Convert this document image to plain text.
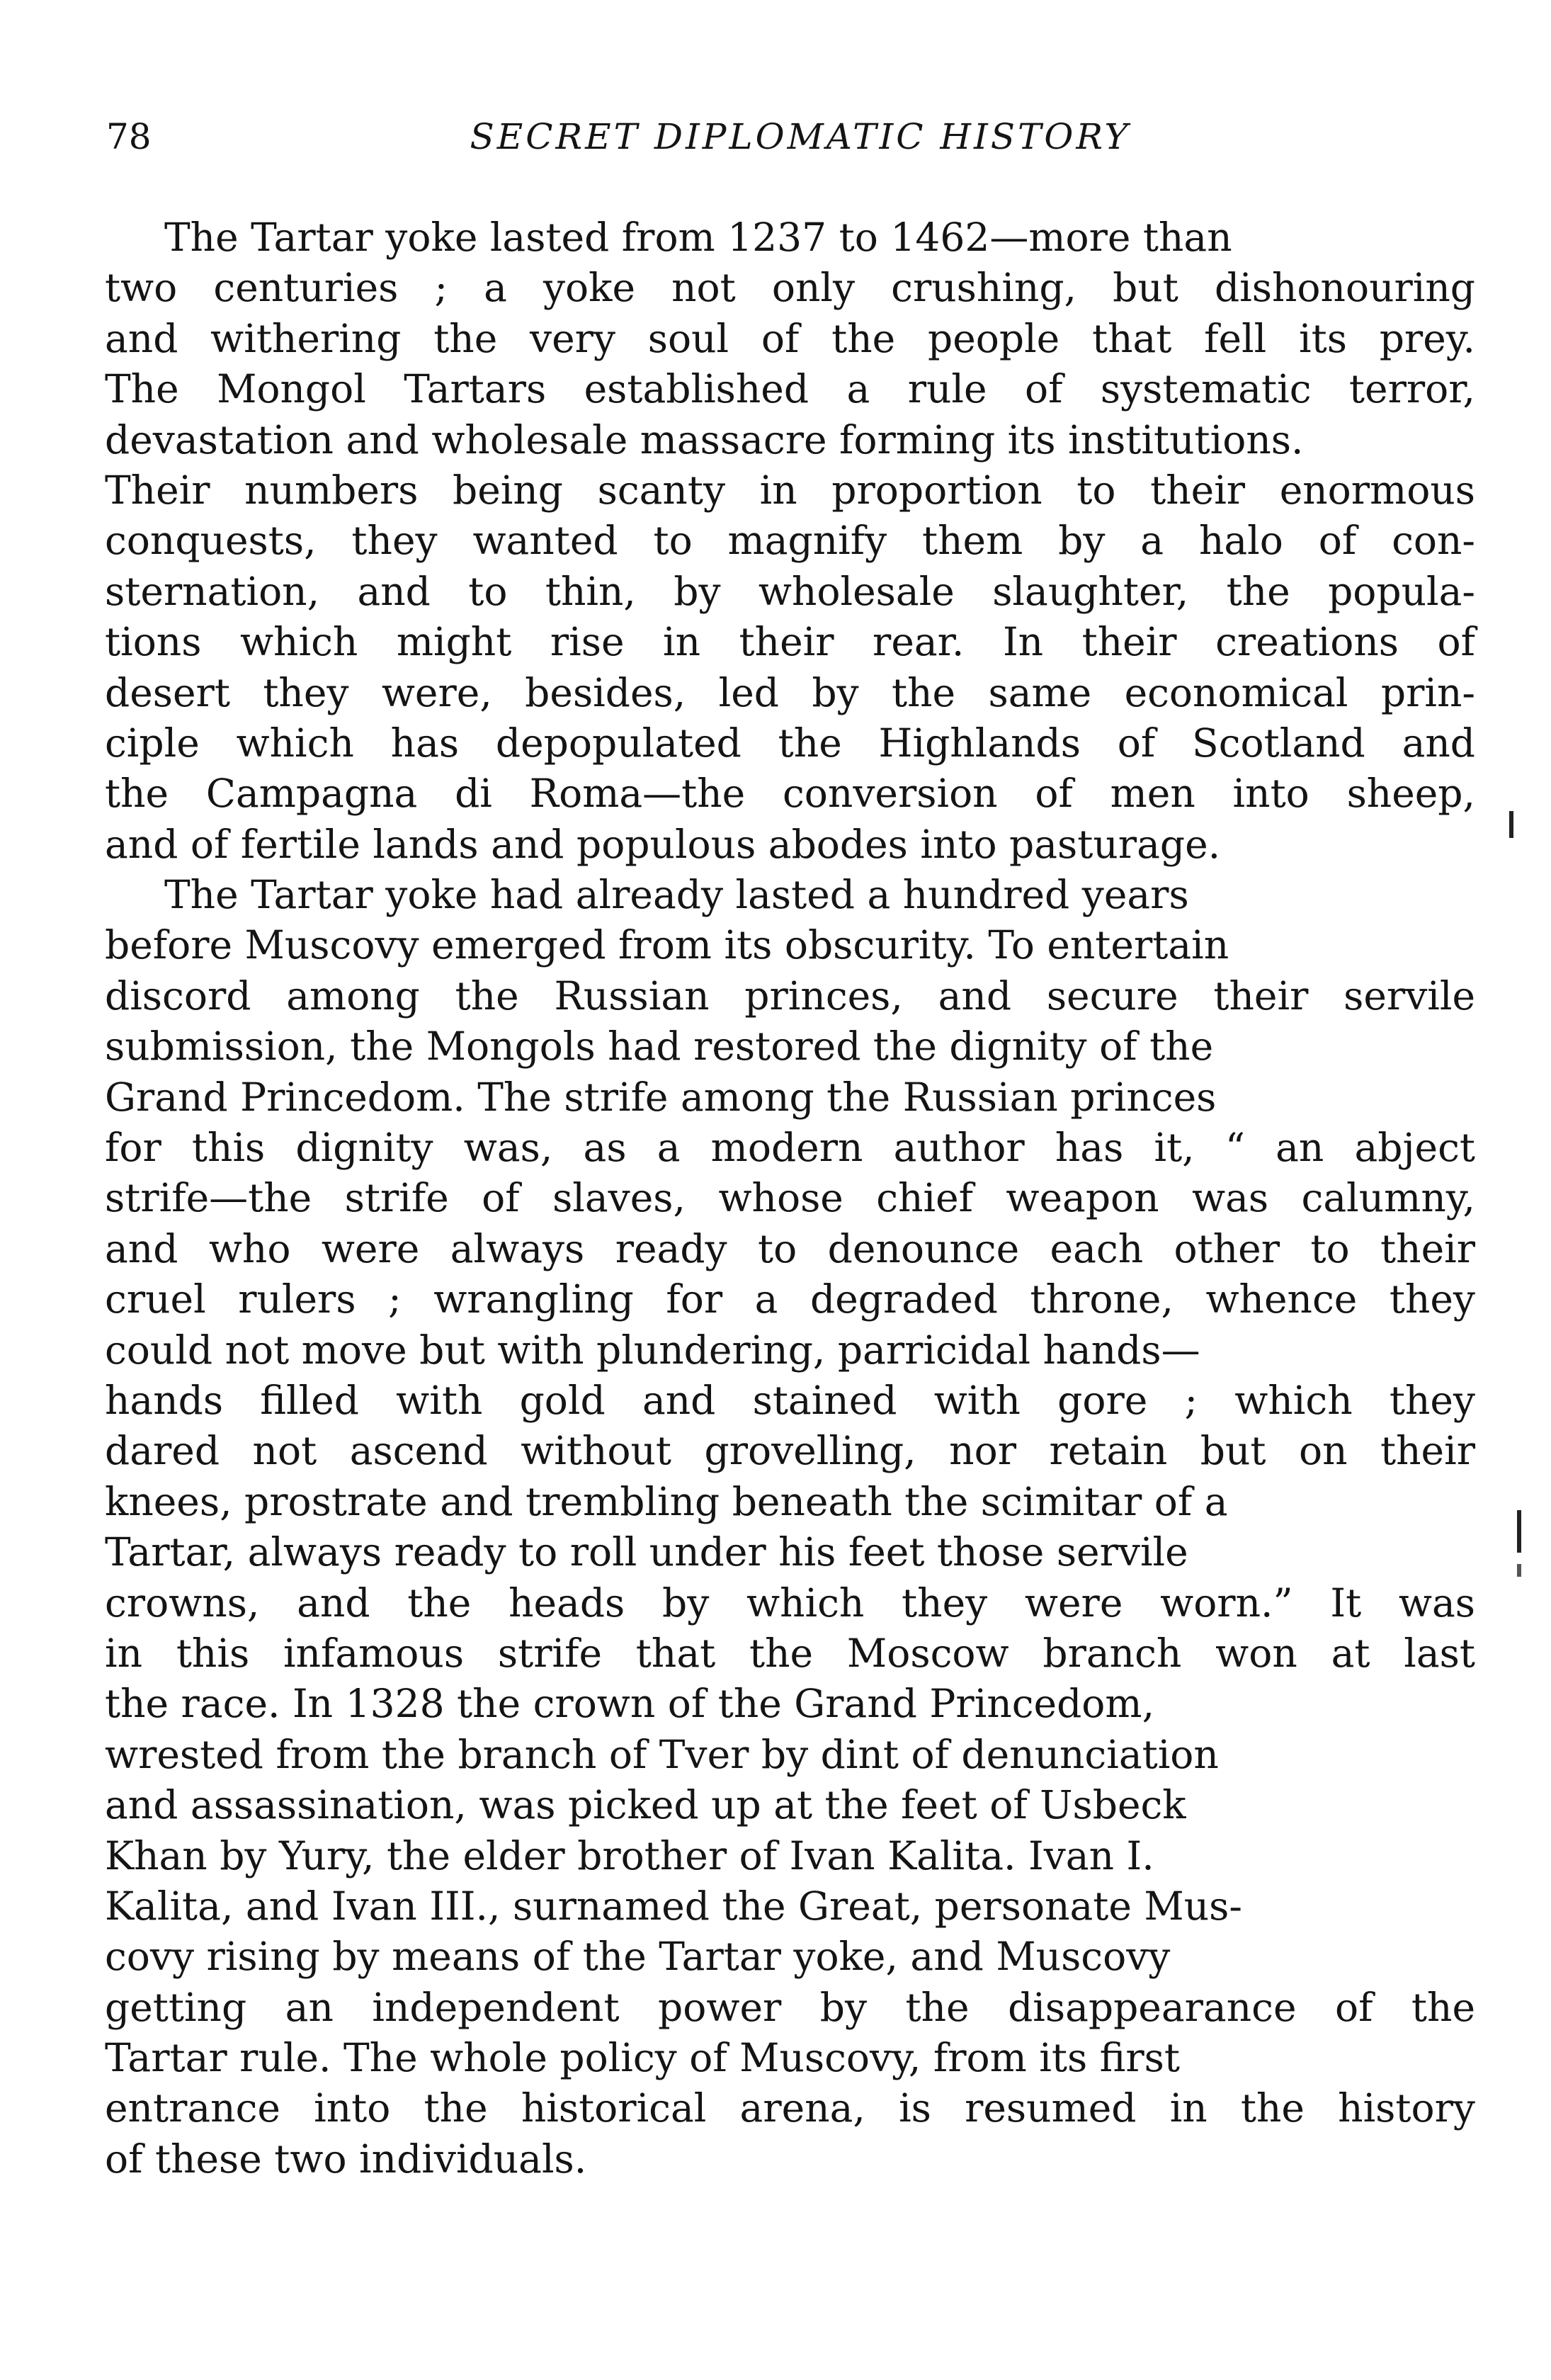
78	SECRET DIPLOMATIC HISTORY
The Tartar yoke lasted from 1237 to 1462—more than
two centuries ; a yoke not only crushing, but dishonouring
and withering the very soul of the people that fell its prey.
The Mongol Tartars established a rule of systematic terror,
devastation and wholesale massacre forming its institutions.
Their numbers being scanty in proportion to their enormous
conquests, they wanted to magnify them by a halo of con-
sternation, and to thin, by wholesale slaughter, the popula-
tions which might rise in their rear. In their creations of
desert they were, besides, led by the same economical prin-
ciple which has depopulated the Highlands of Scotland and
the Campagna di Roma—the conversion of men into sheep,
and of fertile lands and populous abodes into pasturage.
The Tartar yoke had already lasted a hundred years
before Muscovy emerged from its obscurity. To entertain
discord among the Russian princes, and secure their servile
submission, the Mongols had restored the dignity of the
Grand Princedom. The strife among the Russian princes
for this dignity was, as a modern author has it, “ an abject
strife—the strife of slaves, whose chief weapon was calumny,
and who were always ready to denounce each other to their
cruel rulers ; wrangling for a degraded throne, whence they
could not move but with plundering, parricidal hands—
hands filled with gold and stained with gore ; which they
dared not ascend without grovelling, nor retain but on their
knees, prostrate and trembling beneath the scimitar of a
Tartar, always ready to roll under his feet those servile
crowns, and the heads by which they were worn.” It was
in this infamous strife that the Moscow branch won at last
the race. In 1328 the crown of the Grand Princedom,
wrested from the branch of Tver by dint of denunciation
and assassination, was picked up at the feet of Usbeck
Khan by Yury, the elder brother of Ivan Kalita. Ivan I.
Kalita, and Ivan III., surnamed the Great, personate Mus-
covy rising by means of the Tartar yoke, and Muscovy
getting an independent power by the disappearance of the
Tartar rule. The whole policy of Muscovy, from its first
entrance into the historical arena, is resumed in the history
of these two individuals.
